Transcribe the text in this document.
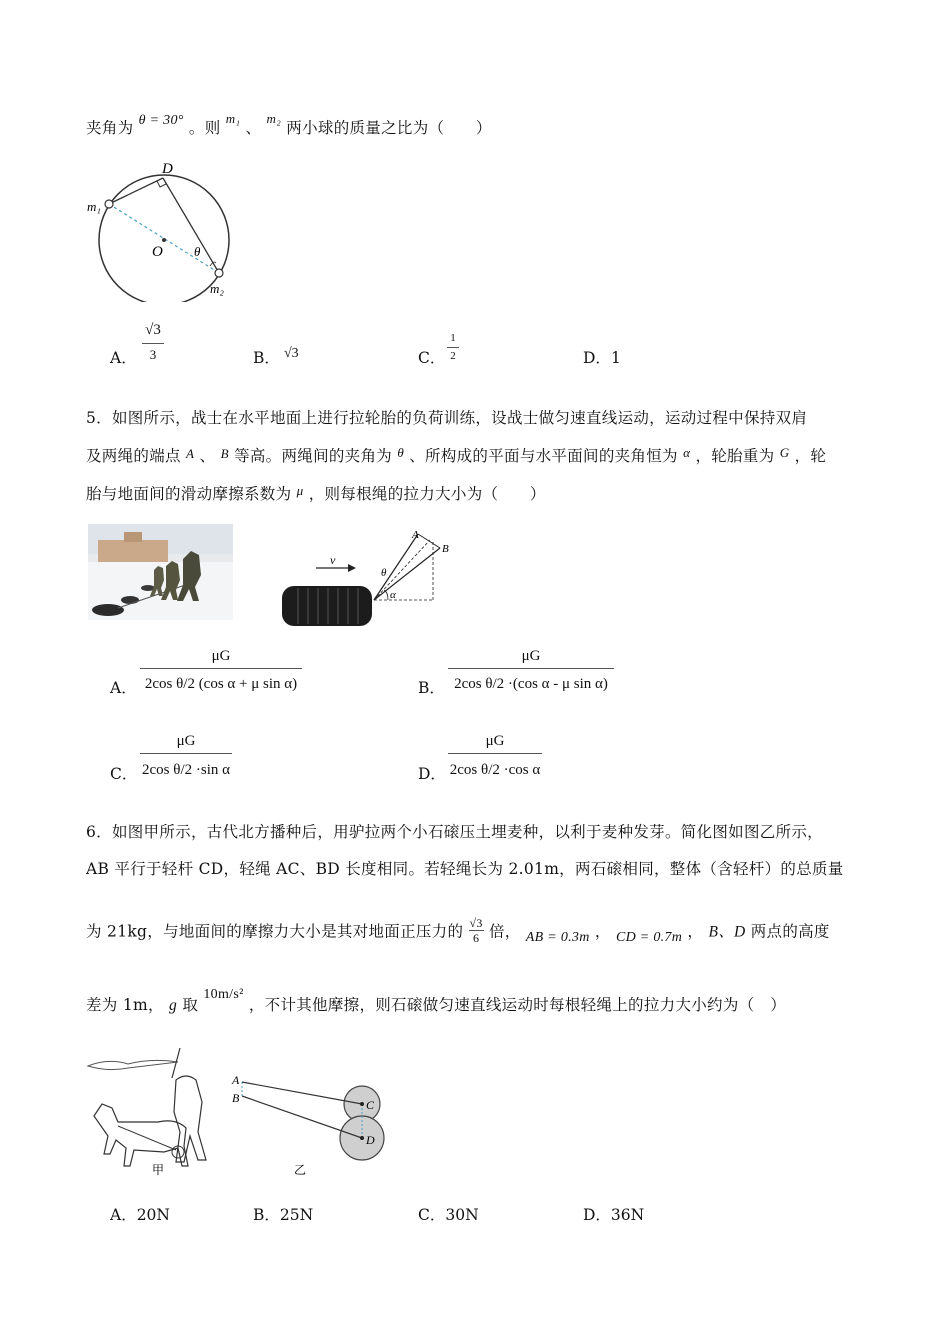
夹角为 θ = 30° 。则 $^{m_1}$ 、 $^{m_2}$ 两小球的质量之比为（　　）
D
m₁
O θ
m₂
A．
√3
3	B． √3	C．
1
2	D．1
5．如图所示，战士在水平地面上进行拉轮胎的负荷训练，设战士做匀速直线运动，运动过程中保持双肩
及两绳的端点 A 、 B 等高。两绳间的夹角为 $^\theta$ 、所构成的平面与水平面间的夹角恒为 $^\alpha$ ，轮胎重为 $^G$ ，轮
胎与地面间的滑动摩擦系数为 $^\mu$ ，则每根绳的拉力大小为（　　）
v
A
B
θ
α
A．
μG
2cos θ/2 (cos α + μ sin α)	B．
μG
2cos θ/2 ·(cos α - μ sin α)
C．
μG
2cos θ/2 ·sin α	D．
μG
2cos θ/2 ·cos α
6．如图甲所示，古代北方播种后，用驴拉两个小石磙压土埋麦种，以利于麦种发芽。简化图如图乙所示，
AB 平行于轻杆 CD，轻绳 AC、BD 长度相同。若轻绳长为 2.01m，两石磙相同，整体（含轻杆）的总质量
为 21kg，与地面间的摩擦力大小是其对地面正压力的 $\frac{√3}{6}$ 倍， AB = 0.3m ， CD = 0.7m ， B、D 两点的高度
差为 1m， g 取 10m/s² ，不计其他摩擦，则石磙做匀速直线运动时每根轻绳上的拉力大小约为（　）
甲
A
B	C
D
乙
A．20N	B．25N	C．30N	D．36N
